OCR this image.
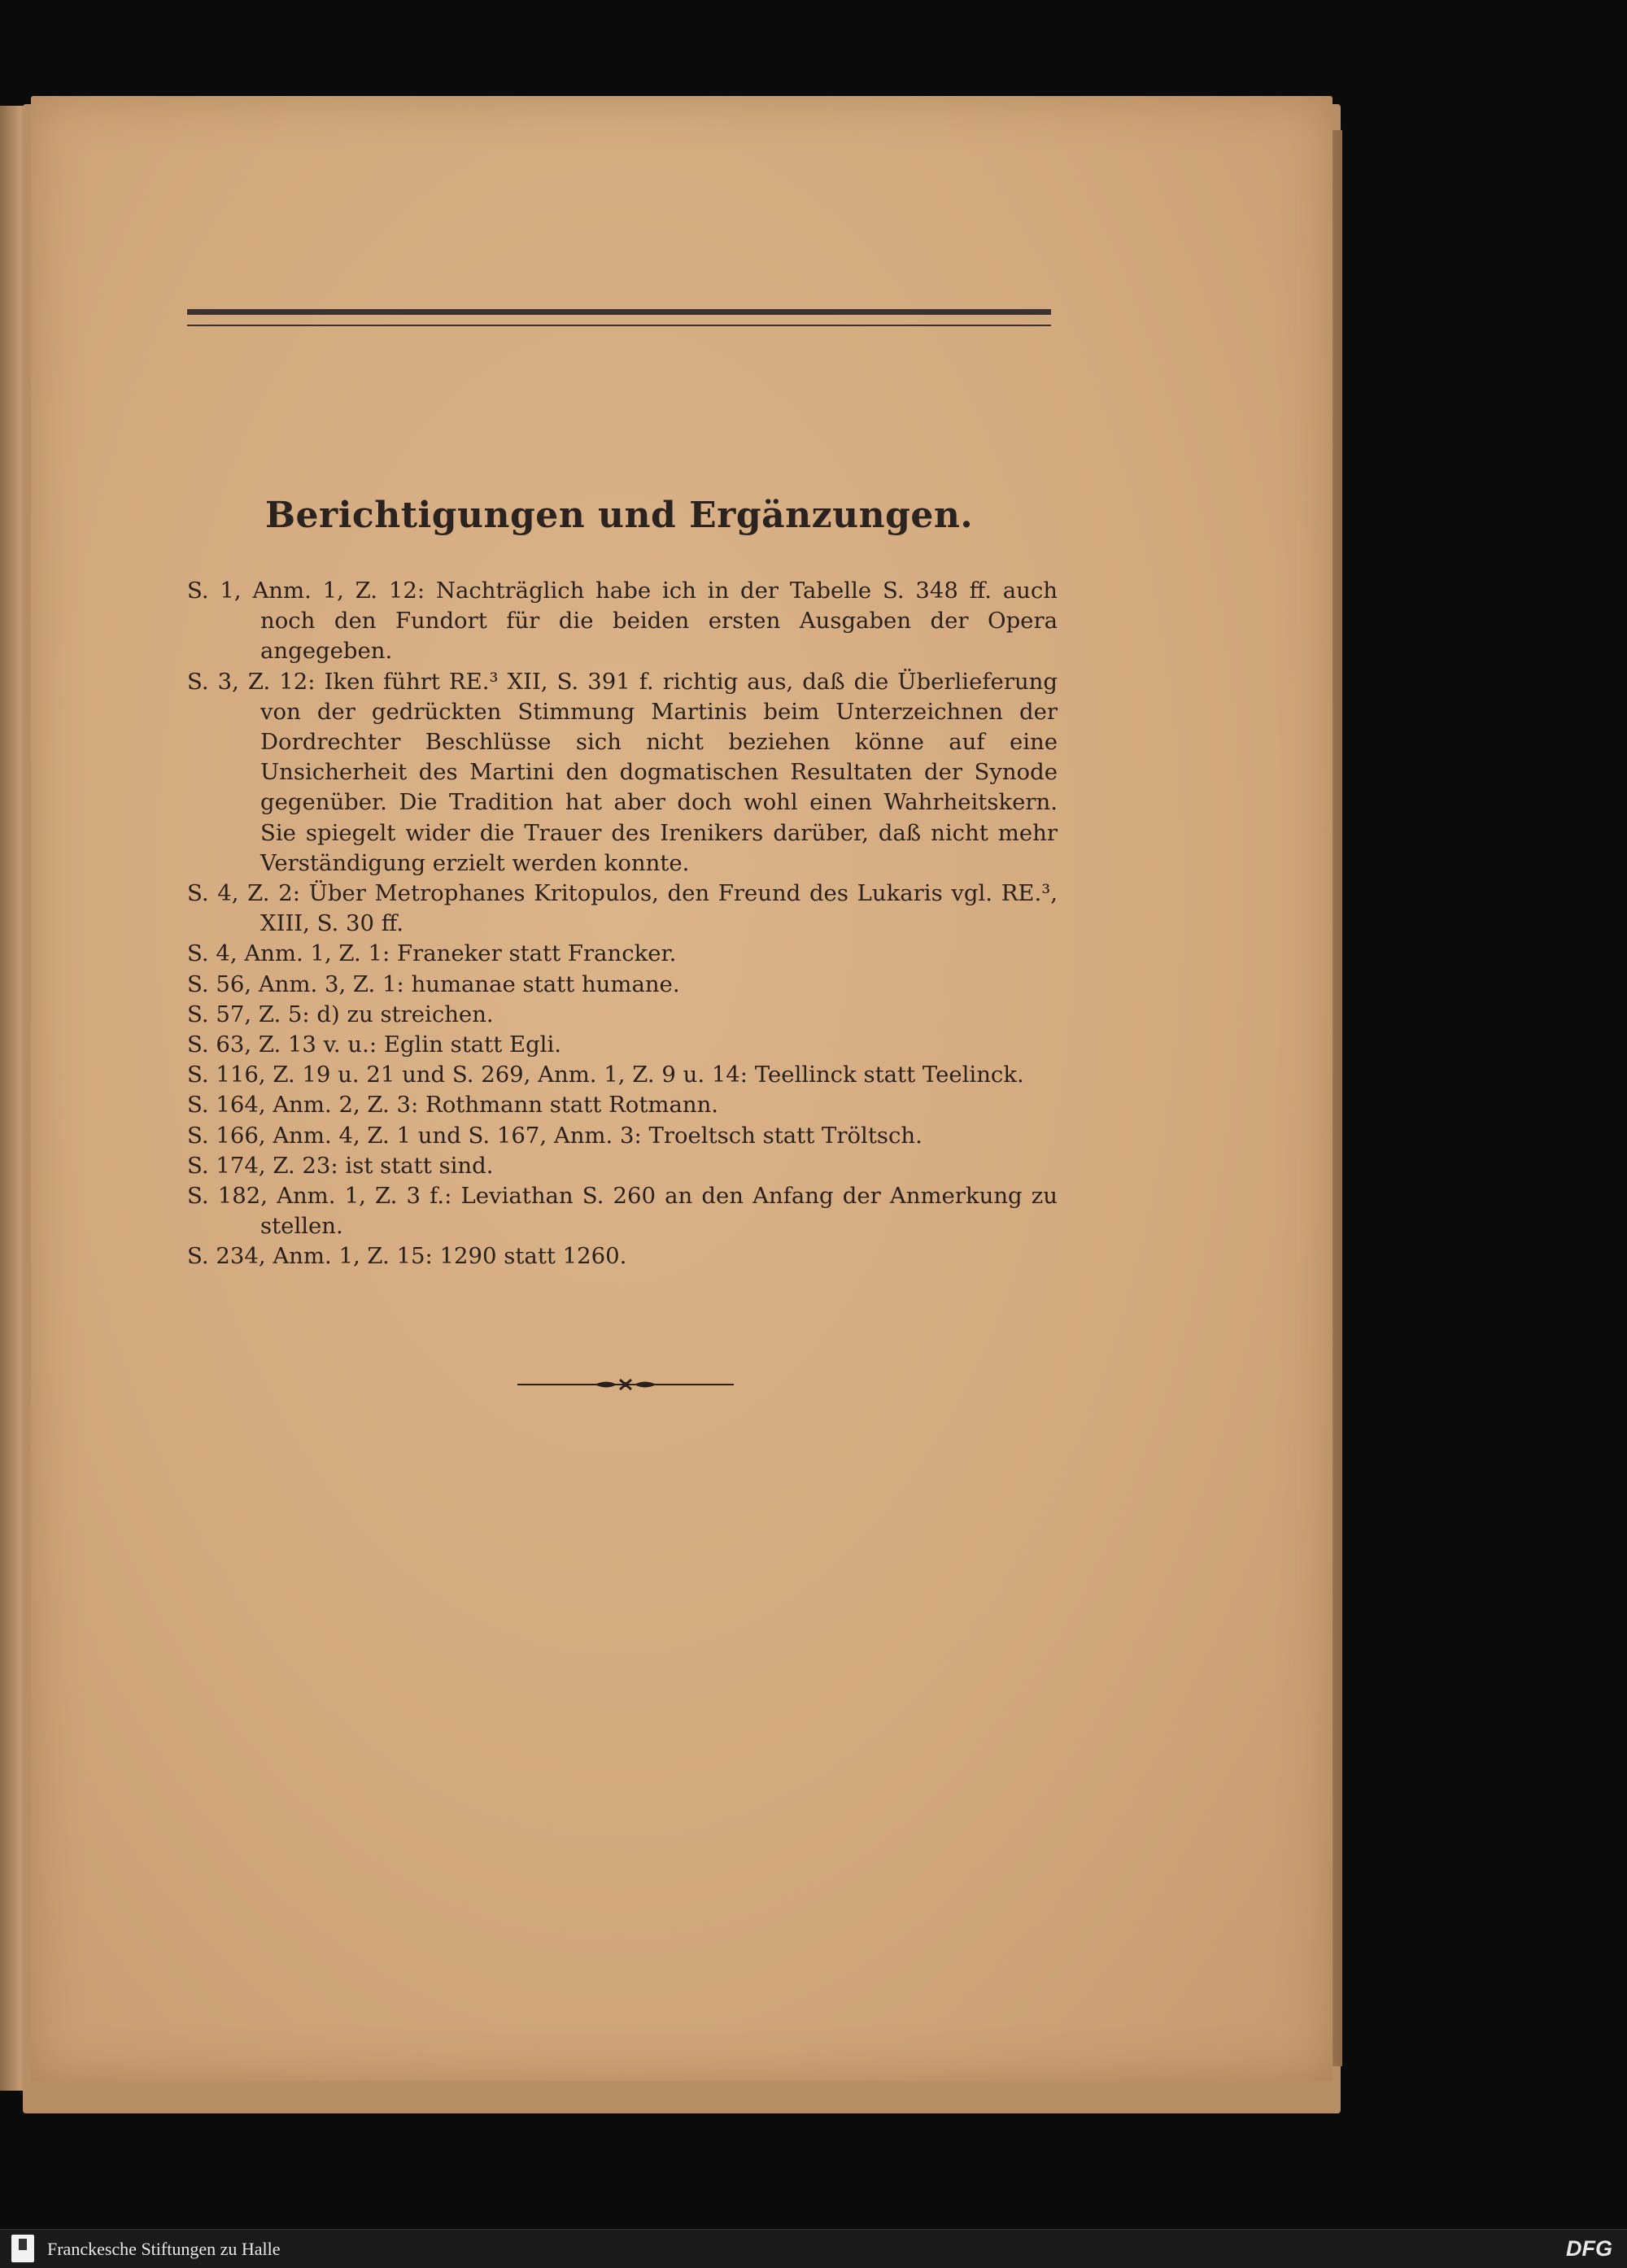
Berichtigungen und Ergänzungen.
S. 1, Anm. 1, Z. 12: Nachträglich habe ich in der Tabelle S. 348 ff. auch noch den Fundort für die beiden ersten Ausgaben der Opera angegeben.
S. 3, Z. 12: Iken führt RE.³ XII, S. 391 f. richtig aus, daß die Überlieferung von der gedrückten Stimmung Martinis beim Unterzeichnen der Dordrechter Beschlüsse sich nicht beziehen könne auf eine Unsicherheit des Martini den dogmatischen Resultaten der Synode gegenüber. Die Tradition hat aber doch wohl einen Wahrheitskern. Sie spiegelt wider die Trauer des Irenikers darüber, daß nicht mehr Verständigung erzielt werden konnte.
S. 4, Z. 2: Über Metrophanes Kritopulos, den Freund des Lukaris vgl. RE.³, XIII, S. 30 ff.
S. 4, Anm. 1, Z. 1: Franeker statt Francker.
S. 56, Anm. 3, Z. 1: humanae statt humane.
S. 57, Z. 5: d) zu streichen.
S. 63, Z. 13 v. u.: Eglin statt Egli.
S. 116, Z. 19 u. 21 und S. 269, Anm. 1, Z. 9 u. 14: Teellinck statt Teelinck.
S. 164, Anm. 2, Z. 3: Rothmann statt Rotmann.
S. 166, Anm. 4, Z. 1 und S. 167, Anm. 3: Troeltsch statt Tröltsch.
S. 174, Z. 23: ist statt sind.
S. 182, Anm. 1, Z. 3 f.: Leviathan S. 260 an den Anfang der Anmerkung zu stellen.
S. 234, Anm. 1, Z. 15: 1290 statt 1260.
Franckesche Stiftungen zu Halle	DFG
